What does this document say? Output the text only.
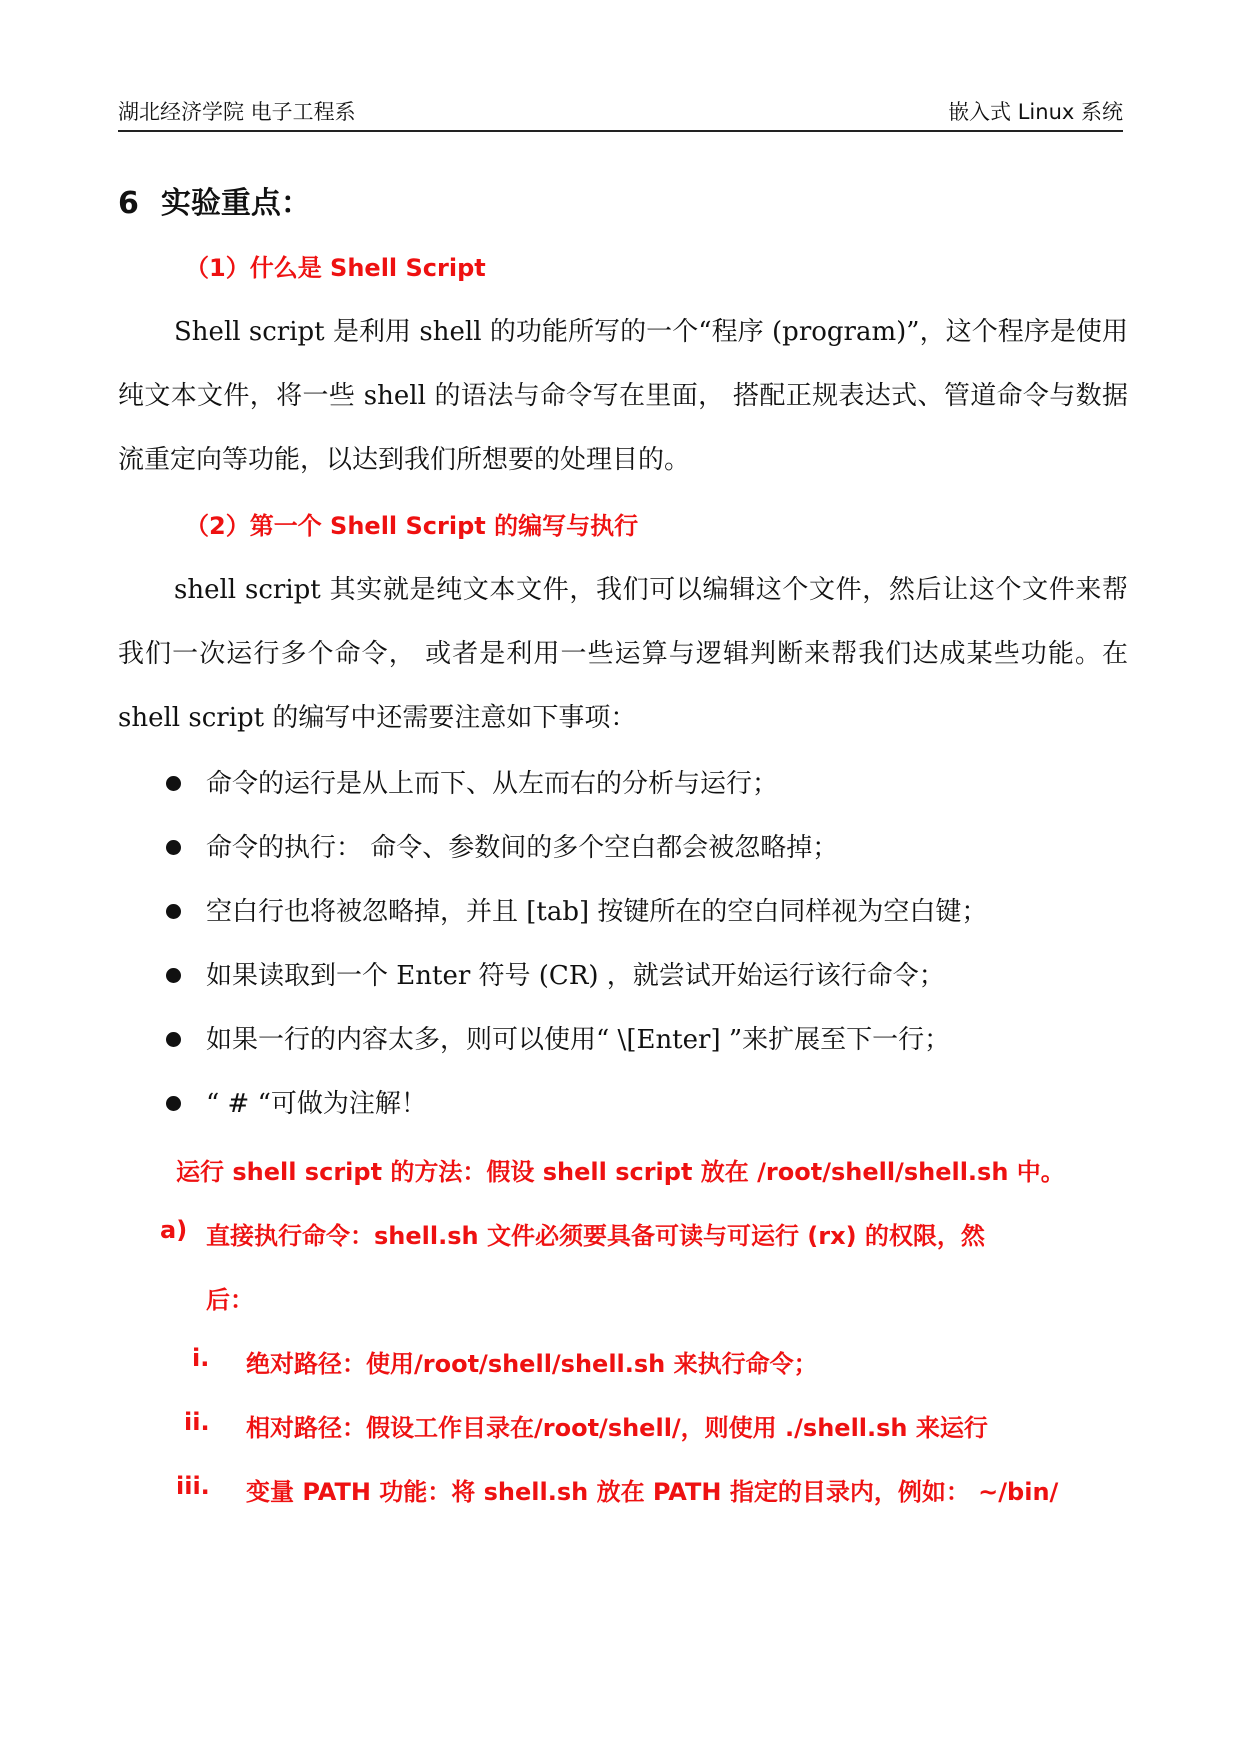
湖北经济学院 电子工程系	嵌入式 Linux 系统
6 实验重点：
（1）什么是 Shell Script
Shell script 是利用 shell 的功能所写的一个“程序 (program)”，这个程序是使用纯文本文件，将一些 shell 的语法与命令写在里面， 搭配正规表达式、管道命令与数据流重定向等功能，以达到我们所想要的处理目的。
（2）第一个 Shell Script 的编写与执行
shell script 其实就是纯文本文件，我们可以编辑这个文件，然后让这个文件来帮我们一次运行多个命令， 或者是利用一些运算与逻辑判断来帮我们达成某些功能。在 shell script 的编写中还需要注意如下事项：
命令的运行是从上而下、从左而右的分析与运行；
命令的执行： 命令、参数间的多个空白都会被忽略掉；
空白行也将被忽略掉，并且 [tab] 按键所在的空白同样视为空白键；
如果读取到一个 Enter 符号 (CR) ，就尝试开始运行该行命令；
如果一行的内容太多，则可以使用“ \[Enter] ”来扩展至下一行；
“ # “可做为注解！
运行 shell script 的方法：假设 shell script 放在 /root/shell/shell.sh 中。
a) 直接执行命令：shell.sh 文件必须要具备可读与可运行 (rx) 的权限，然
后：
i. 绝对路径：使用/root/shell/shell.sh 来执行命令；
ii. 相对路径：假设工作目录在/root/shell/，则使用 ./shell.sh 来运行
iii. 变量 PATH 功能：将 shell.sh 放在 PATH 指定的目录内，例如： ~/bin/
